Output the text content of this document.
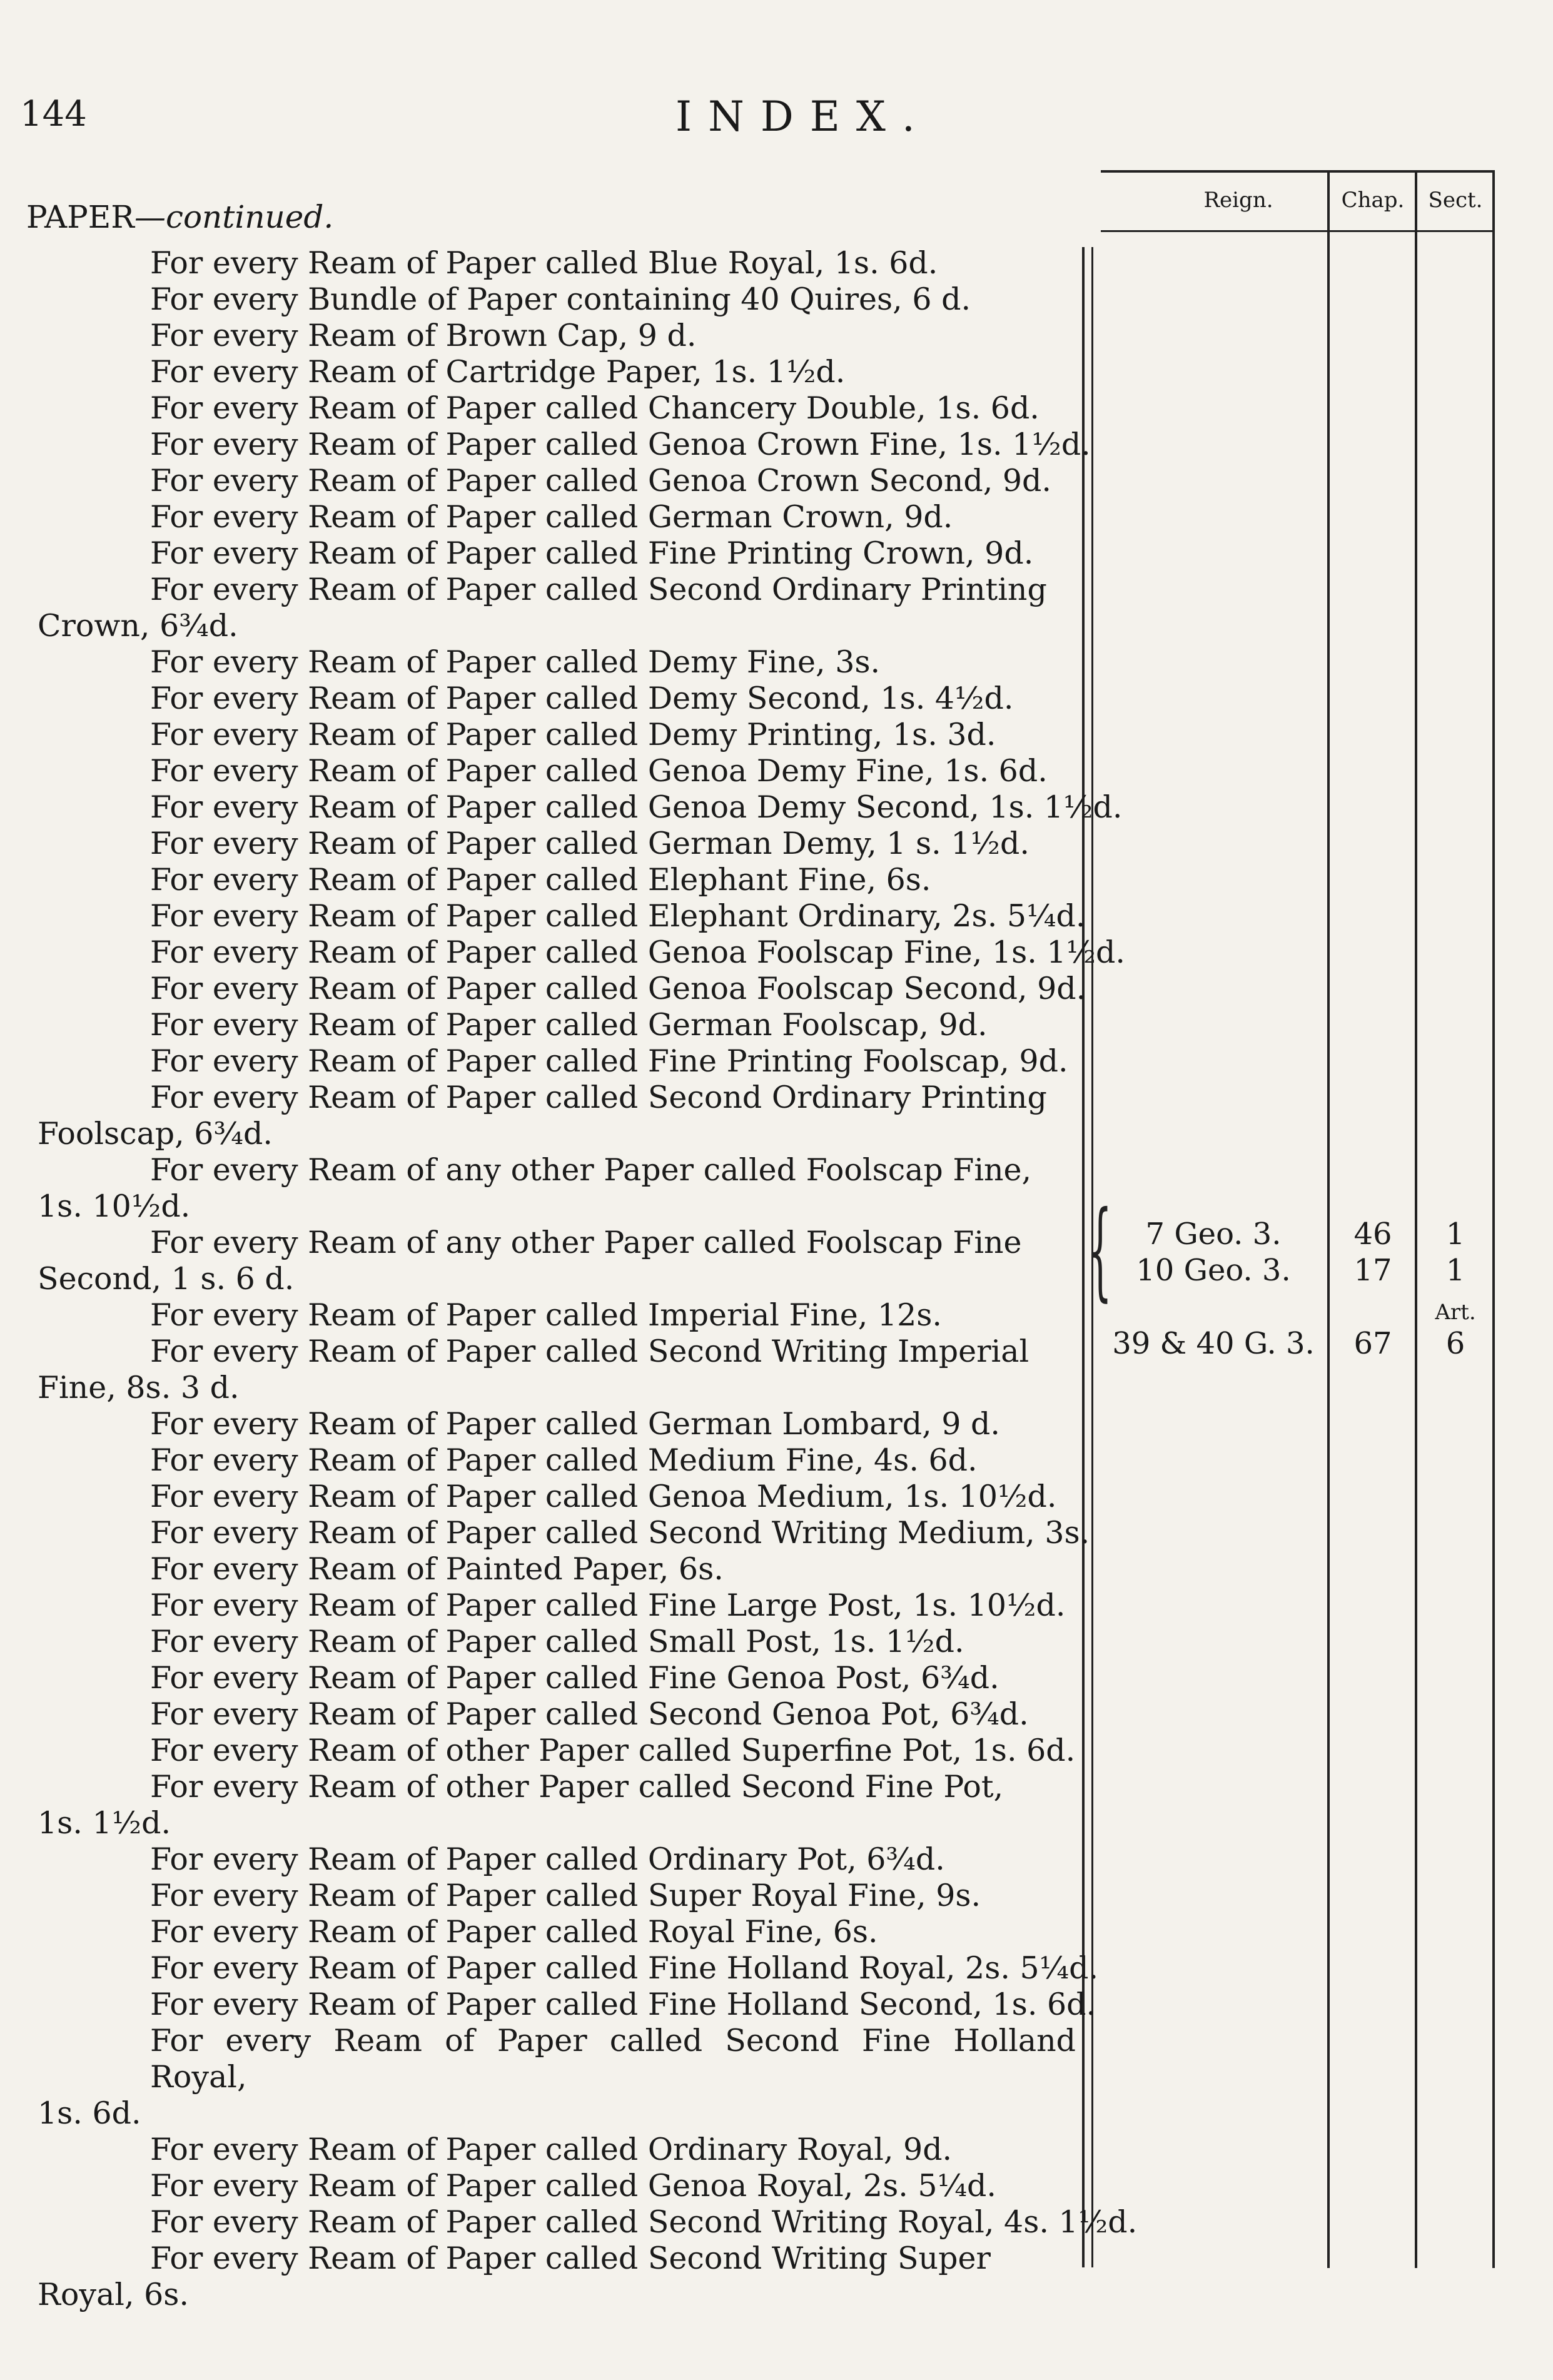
144	INDEX.
Reign.	Chap.	Sect.
PAPER—continued.
For every Ream of Paper called Blue Royal, 1s. 6d.
For every Bundle of Paper containing 40 Quires, 6 d.
For every Ream of Brown Cap, 9 d.
For every Ream of Cartridge Paper, 1s. 1½d.
For every Ream of Paper called Chancery Double, 1s. 6d.
For every Ream of Paper called Genoa Crown Fine, 1s. 1½d.
For every Ream of Paper called Genoa Crown Second, 9d.
For every Ream of Paper called German Crown, 9d.
For every Ream of Paper called Fine Printing Crown, 9d.
For every Ream of Paper called Second Ordinary Printing
Crown, 6¾d.
For every Ream of Paper called Demy Fine, 3s.
For every Ream of Paper called Demy Second, 1s. 4½d.
For every Ream of Paper called Demy Printing, 1s. 3d.
For every Ream of Paper called Genoa Demy Fine, 1s. 6d.
For every Ream of Paper called Genoa Demy Second, 1s. 1½d.
For every Ream of Paper called German Demy, 1 s. 1½d.
For every Ream of Paper called Elephant Fine, 6s.
For every Ream of Paper called Elephant Ordinary, 2s. 5¼d.
For every Ream of Paper called Genoa Foolscap Fine, 1s. 1½d.
For every Ream of Paper called Genoa Foolscap Second, 9d.
For every Ream of Paper called German Foolscap, 9d.
For every Ream of Paper called Fine Printing Foolscap, 9d.
For every Ream of Paper called Second Ordinary Printing
Foolscap, 6¾d.
For every Ream of any other Paper called Foolscap Fine,
1s. 10½d.
For every Ream of any other Paper called Foolscap Fine
Second, 1 s. 6 d.
For every Ream of Paper called Imperial Fine, 12s.
For every Ream of Paper called Second Writing Imperial
Fine, 8s. 3 d.
For every Ream of Paper called German Lombard, 9 d.
For every Ream of Paper called Medium Fine, 4s. 6d.
For every Ream of Paper called Genoa Medium, 1s. 10½d.
For every Ream of Paper called Second Writing Medium, 3s.
For every Ream of Painted Paper, 6s.
For every Ream of Paper called Fine Large Post, 1s. 10½d.
For every Ream of Paper called Small Post, 1s. 1½d.
For every Ream of Paper called Fine Genoa Post, 6¾d.
For every Ream of Paper called Second Genoa Pot, 6¾d.
For every Ream of other Paper called Superfine Pot, 1s. 6d.
For every Ream of other Paper called Second Fine Pot,
1s. 1½d.
For every Ream of Paper called Ordinary Pot, 6¾d.
For every Ream of Paper called Super Royal Fine, 9s.
For every Ream of Paper called Royal Fine, 6s.
For every Ream of Paper called Fine Holland Royal, 2s. 5¼d.
For every Ream of Paper called Fine Holland Second, 1s. 6d.
For every Ream of Paper called Second Fine Holland Royal,
1s. 6d.
For every Ream of Paper called Ordinary Royal, 9d.
For every Ream of Paper called Genoa Royal, 2s. 5¼d.
For every Ream of Paper called Second Writing Royal, 4s. 1½d.
For every Ream of Paper called Second Writing Super
Royal, 6s.
{	7 Geo. 3.	46	1
10 Geo. 3.	17	1
Art.
39 & 40 G. 3.	67	6
